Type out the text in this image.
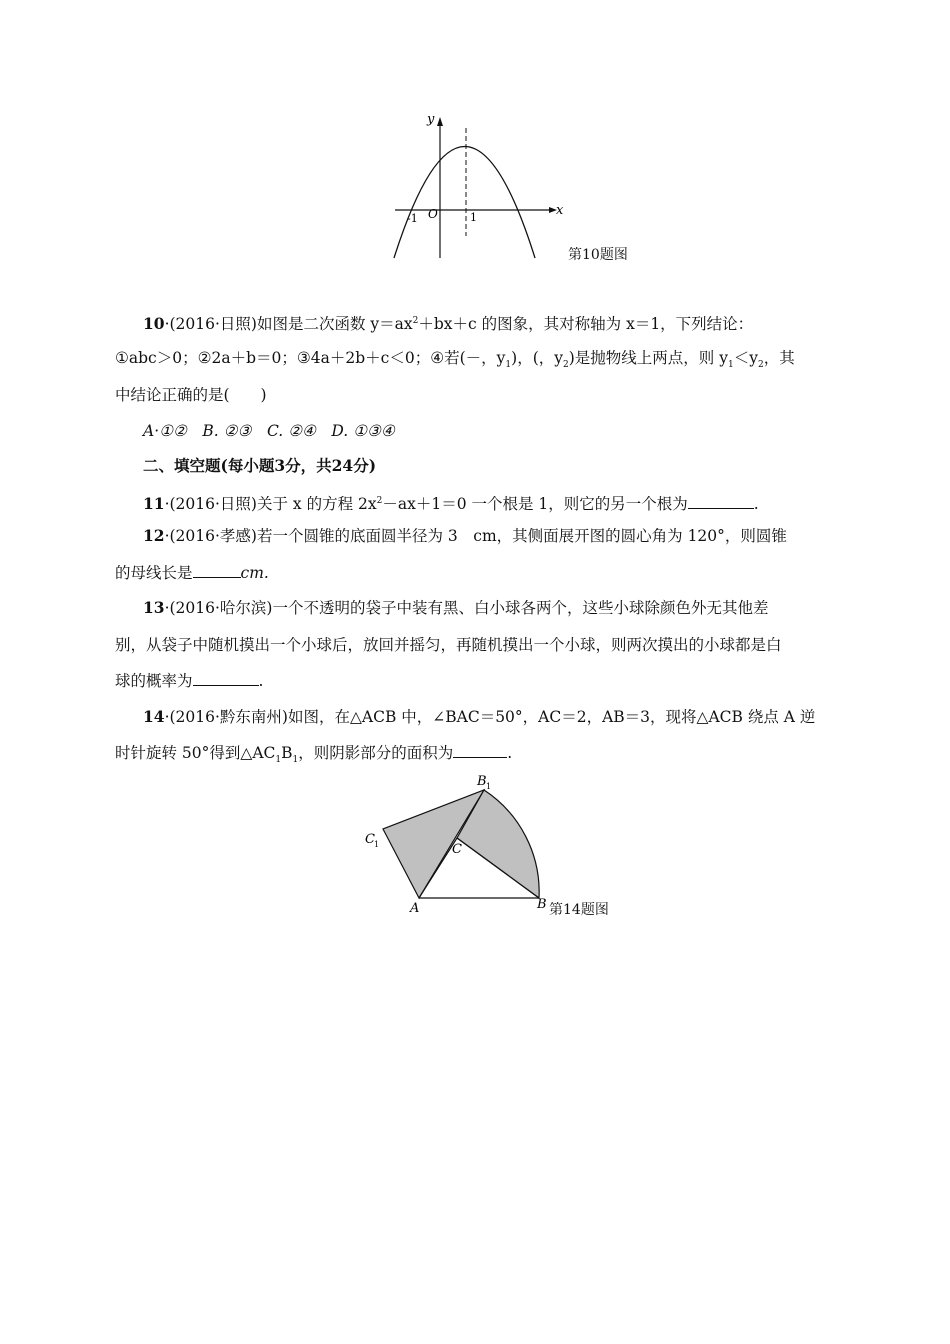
x
y
O
-1	1
第10题图
10·(2016·日照)如图是二次函数 $y=ax^2+bx+c$ 的图象，其对称轴为 x＝1，下列结论：
①abc＞0；②2a＋b＝0；③4a＋2b＋c＜0；④若(－，$y_1$)，(，$y_2$)是抛物线上两点，则 $y_1<y_2$，其
中结论正确的是(　　)
A·①②　B. ②③　C. ②④　D. ①③④
二、填空题(每小题3分，共24分)
11·(2016·日照)关于 x 的方程 $2x^2-ax+1=0$ 一个根是 1，则它的另一个根为	.
12·(2016·孝感)若一个圆锥的底面圆半径为 3　cm，其侧面展开图的圆心角为 120°，则圆锥
的母线长是	cm.
13·(2016·哈尔滨)一个不透明的袋子中装有黑、白小球各两个，这些小球除颜色外无其他差
别，从袋子中随机摸出一个小球后，放回并摇匀，再随机摸出一个小球，则两次摸出的小球都是白
球的概率为	.
14·(2016·黔东南州)如图，在△ACB 中，∠BAC＝50°，AC＝2，AB＝3，现将△ACB 绕点 A 逆
时针旋转 50°得到$\triangle AC_1B_1$，则阴影部分的面积为	.
A	B
C
C 1
B 1
第14题图
